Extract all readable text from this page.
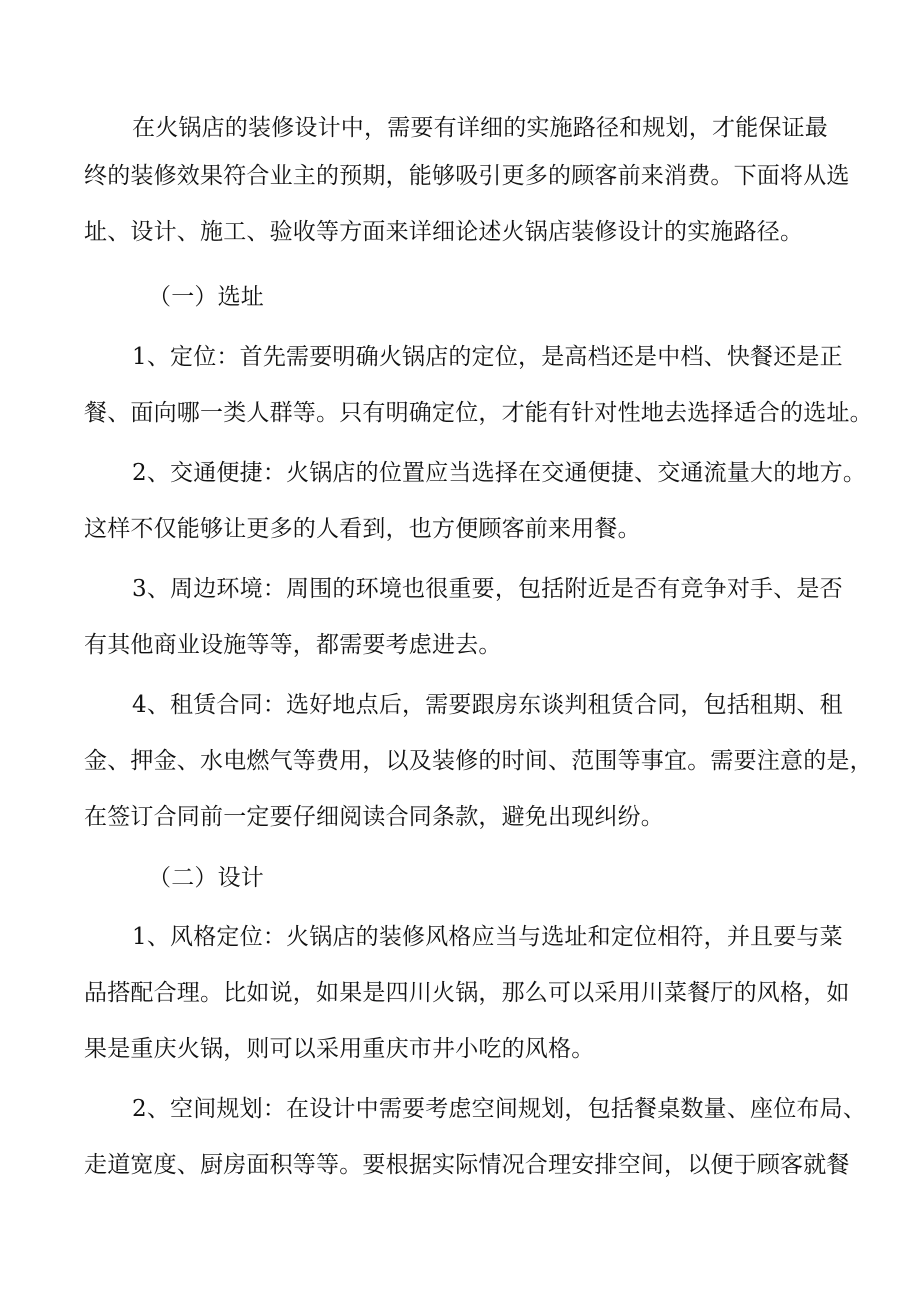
在火锅店的装修设计中，需要有详细的实施路径和规划，才能保证最
终的装修效果符合业主的预期，能够吸引更多的顾客前来消费。下面将从选
址、设计、施工、验收等方面来详细论述火锅店装修设计的实施路径。
（一）选址
1、定位：首先需要明确火锅店的定位，是高档还是中档、快餐还是正
餐、面向哪一类人群等。只有明确定位，才能有针对性地去选择适合的选址。
2、交通便捷：火锅店的位置应当选择在交通便捷、交通流量大的地方。
这样不仅能够让更多的人看到，也方便顾客前来用餐。
3、周边环境：周围的环境也很重要，包括附近是否有竞争对手、是否
有其他商业设施等等，都需要考虑进去。
4、租赁合同：选好地点后，需要跟房东谈判租赁合同，包括租期、租
金、押金、水电燃气等费用，以及装修的时间、范围等事宜。需要注意的是，
在签订合同前一定要仔细阅读合同条款，避免出现纠纷。
（二）设计
1、风格定位：火锅店的装修风格应当与选址和定位相符，并且要与菜
品搭配合理。比如说，如果是四川火锅，那么可以采用川菜餐厅的风格，如
果是重庆火锅，则可以采用重庆市井小吃的风格。
2、空间规划：在设计中需要考虑空间规划，包括餐桌数量、座位布局、
走道宽度、厨房面积等等。要根据实际情况合理安排空间，以便于顾客就餐
